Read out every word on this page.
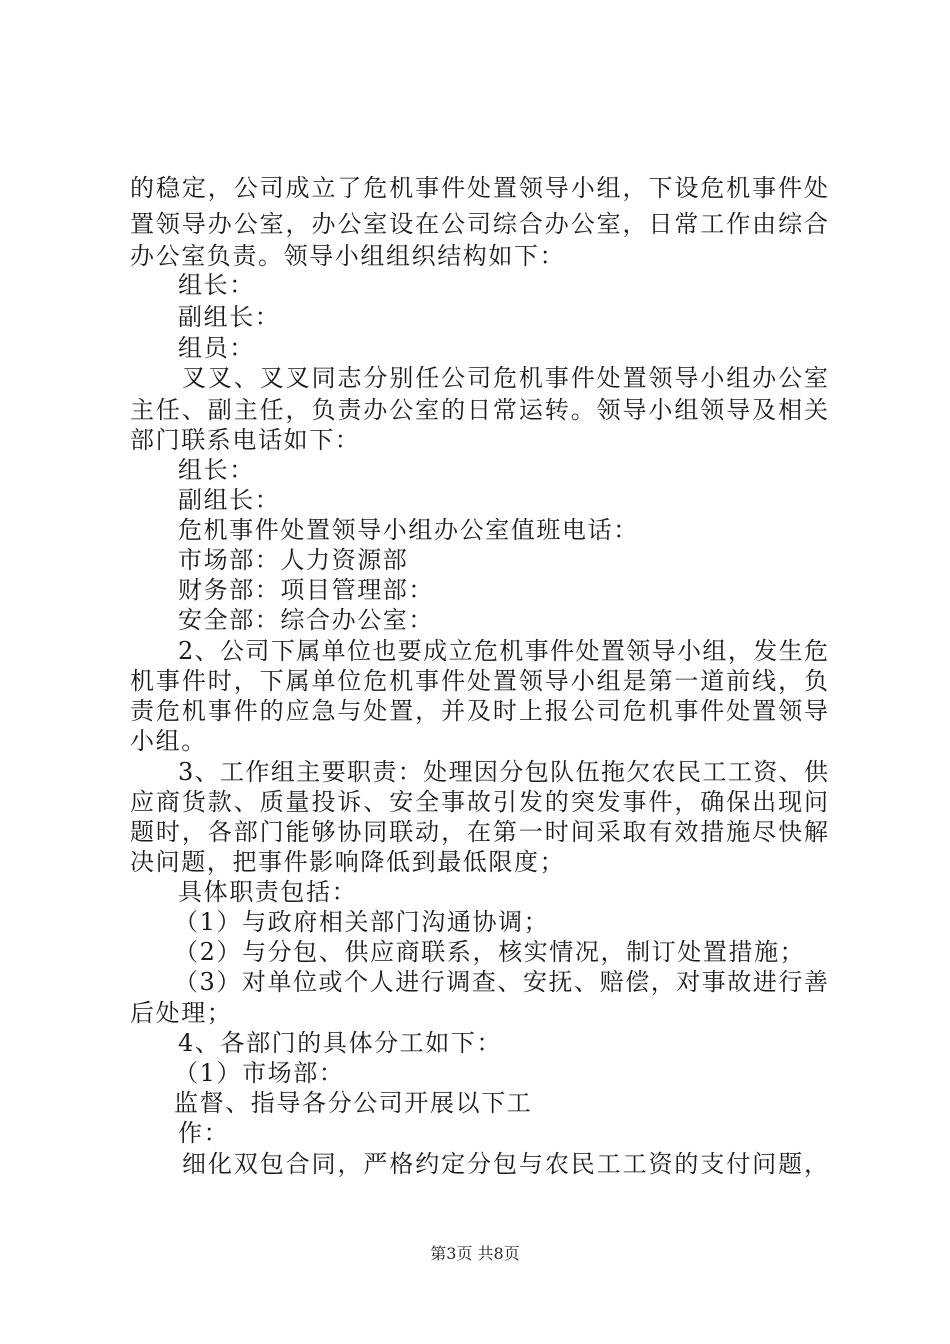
的稳定，公司成立了危机事件处置领导小组，下设危机事件处
置领导办公室，办公室设在公司综合办公室，日常工作由综合
办公室负责。领导小组组织结构如下：
组长：
副组长：
组员：
叉叉、叉叉同志分别任公司危机事件处置领导小组办公室
主任、副主任，负责办公室的日常运转。领导小组领导及相关
部门联系电话如下：
组长：
副组长：
危机事件处置领导小组办公室值班电话：
市场部：人力资源部
财务部：项目管理部：
安全部：综合办公室：
2、公司下属单位也要成立危机事件处置领导小组，发生危
机事件时，下属单位危机事件处置领导小组是第一道前线，负
责危机事件的应急与处置，并及时上报公司危机事件处置领导
小组。
3、工作组主要职责：处理因分包队伍拖欠农民工工资、供
应商货款、质量投诉、安全事故引发的突发事件，确保出现问
题时，各部门能够协同联动，在第一时间采取有效措施尽快解
决问题，把事件影响降低到最低限度；
具体职责包括：
（1）与政府相关部门沟通协调；
（2）与分包、供应商联系，核实情况，制订处置措施；
（3）对单位或个人进行调查、安抚、赔偿，对事故进行善
后处理；
4、各部门的具体分工如下：
（1）市场部：
监督、指导各分公司开展以下工
作：
细化双包合同，严格约定分包与农民工工资的支付问题，
第3页 共8页
